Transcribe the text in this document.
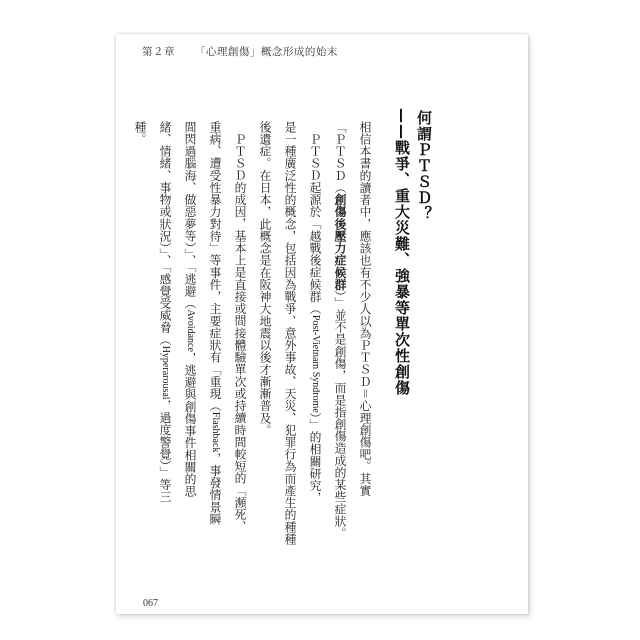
第２章 「心理創傷」概念形成的始末
何謂ＰＴＳＤ？
——戰爭、重大災難、強暴等單次性創傷
相信本書的讀者中，應該也有不少人以為ＰＴＳＤ＝心理創傷吧。其實
「ＰＴＳＤ（創傷後壓力症候群）」並不是創傷，而是指創傷造成的某些症狀。
ＰＴＳＤ起源於「越戰後症候群（Post-Vietnam Syndrome）」的相關研究，
是一種廣泛性的概念，包括因為戰爭、意外事故、天災、犯罪行為而產生的種種
後遺症。在日本，此概念是在阪神大地震以後才漸漸普及。
ＰＴＳＤ的成因，基本上是直接或間接體驗單次或持續時間較短的「瀕死、
重病、遭受性暴力對待」等事件，主要症狀有「重現（Flashback，事發情景瞬
間閃過腦海、做惡夢等）」、「逃避（Avoidance，逃避與創傷事件相關的思
緒、情緒、事物或狀況）」、「感覺受威脅（Hyperarousal，過度警覺）」等三
種。
067
